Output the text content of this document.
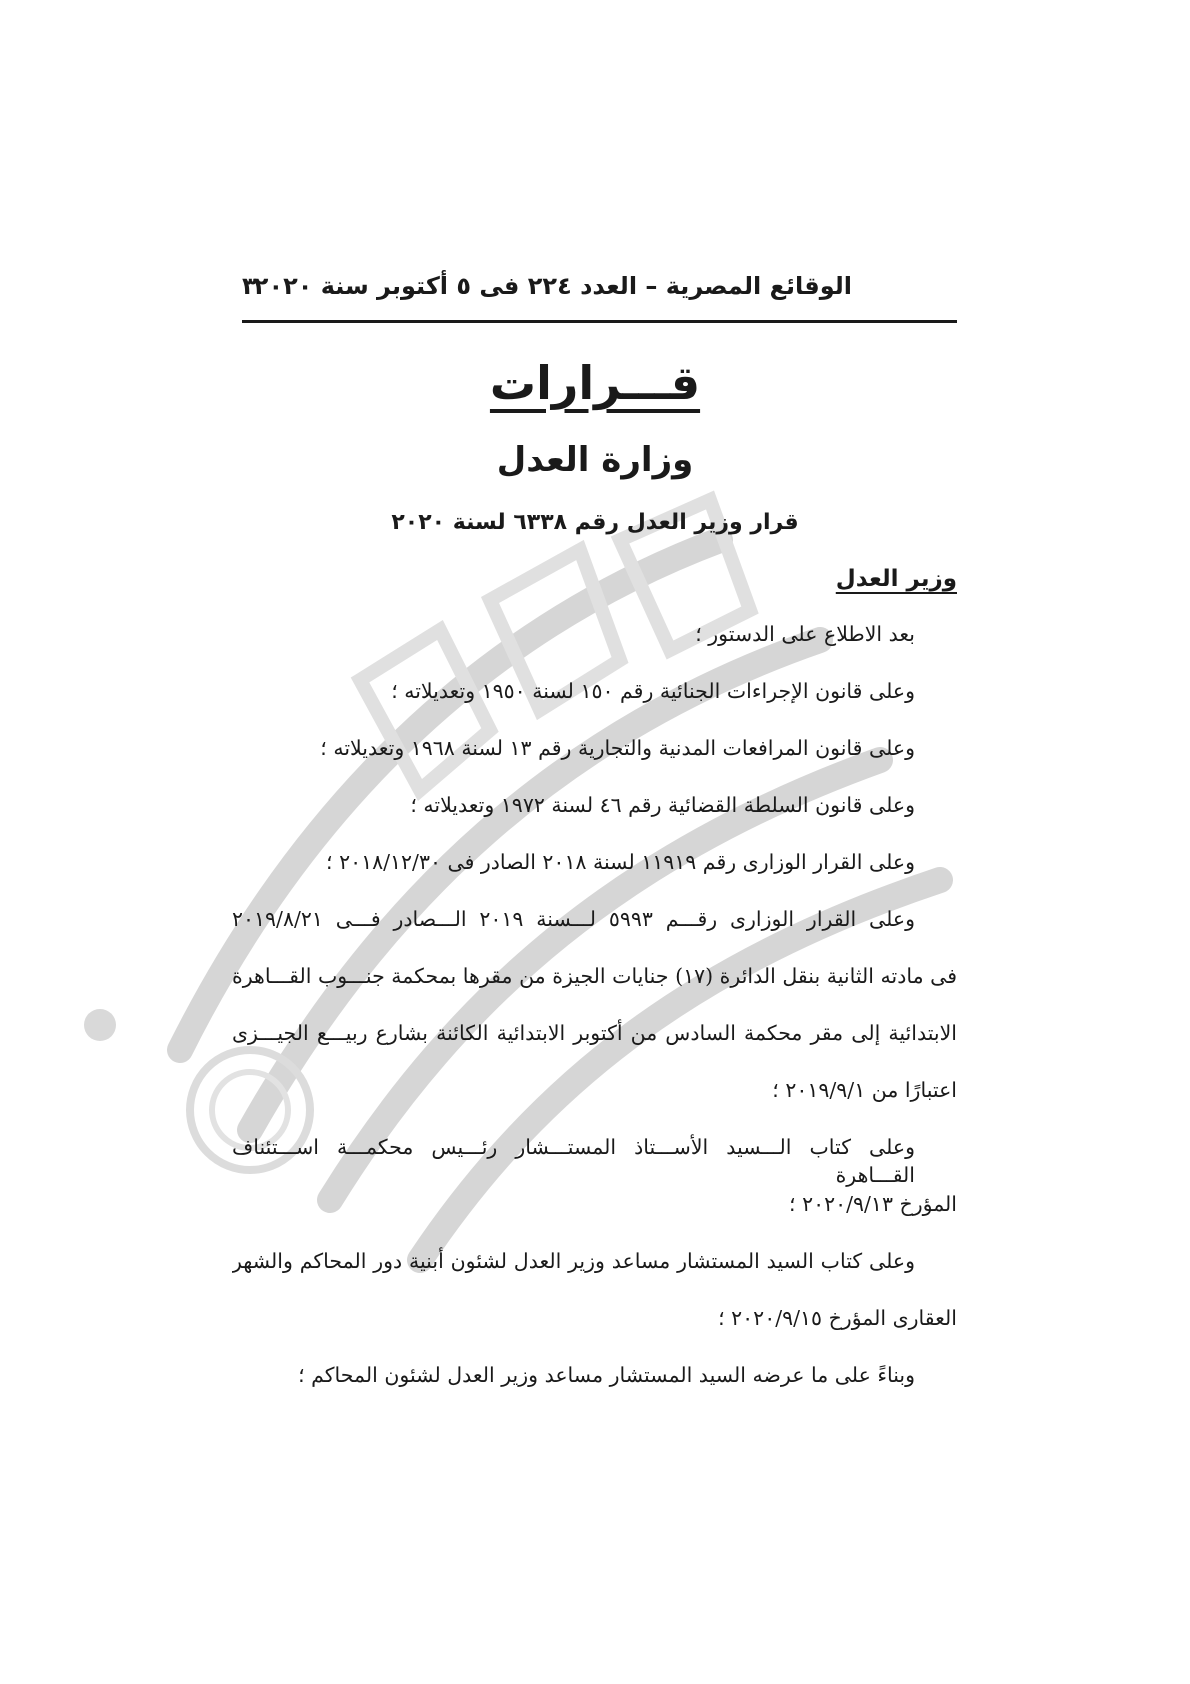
الوقائع المصرية – العدد ٢٢٤ فى ٥ أكتوبر سنة ٢٠٢٠
٣
قـــرارات
وزارة العدل
قرار وزير العدل رقم ٦٣٣٨ لسنة ٢٠٢٠
وزير العدل
بعد الاطلاع على الدستور ؛
وعلى قانون الإجراءات الجنائية رقم ١٥٠ لسنة ١٩٥٠ وتعديلاته ؛
وعلى قانون المرافعات المدنية والتجارية رقم ١٣ لسنة ١٩٦٨ وتعديلاته ؛
وعلى قانون السلطة القضائية رقم ٤٦ لسنة ١٩٧٢ وتعديلاته ؛
وعلى القرار الوزارى رقم ١١٩١٩ لسنة ٢٠١٨ الصادر فى ٢٠١٨/١٢/٣٠ ؛
وعلى القرار الوزارى رقـــم ٥٩٩٣ لـــسنة ٢٠١٩ الـــصادر فـــى ٢٠١٩/٨/٢١
فى مادته الثانية بنقل الدائرة (١٧) جنايات الجيزة من مقرها بمحكمة جنـــوب القـــاهرة
الابتدائية إلى مقر محكمة السادس من أكتوبر الابتدائية الكائنة بشارع ربيـــع الجيـــزى
اعتبارًا من ٢٠١٩/٩/١ ؛
وعلى كتاب الـــسيد الأســـتاذ المستـــشار رئـــيس محكمـــة اســـتئناف القـــاهرة
المؤرخ ٢٠٢٠/٩/١٣ ؛
وعلى كتاب السيد المستشار مساعد وزير العدل لشئون أبنية دور المحاكم والشهر
العقارى المؤرخ ٢٠٢٠/٩/١٥ ؛
وبناءً على ما عرضه السيد المستشار مساعد وزير العدل لشئون المحاكم ؛
